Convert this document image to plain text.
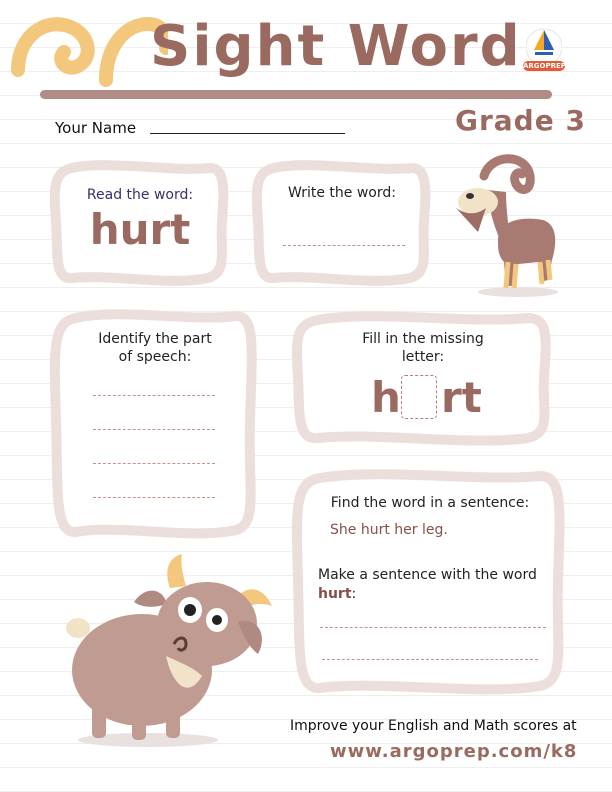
Sight Word ARGOPREP
Your Name	Grade 3
Read the word:
hurt
Write the word:
Identify the part
of speech:
Fill in the missing
letter:
h rt
Find the word in a sentence:
She hurt her leg.
Make a sentence with the word
hurt:
Improve your English and Math scores at
www.argoprep.com/k8
